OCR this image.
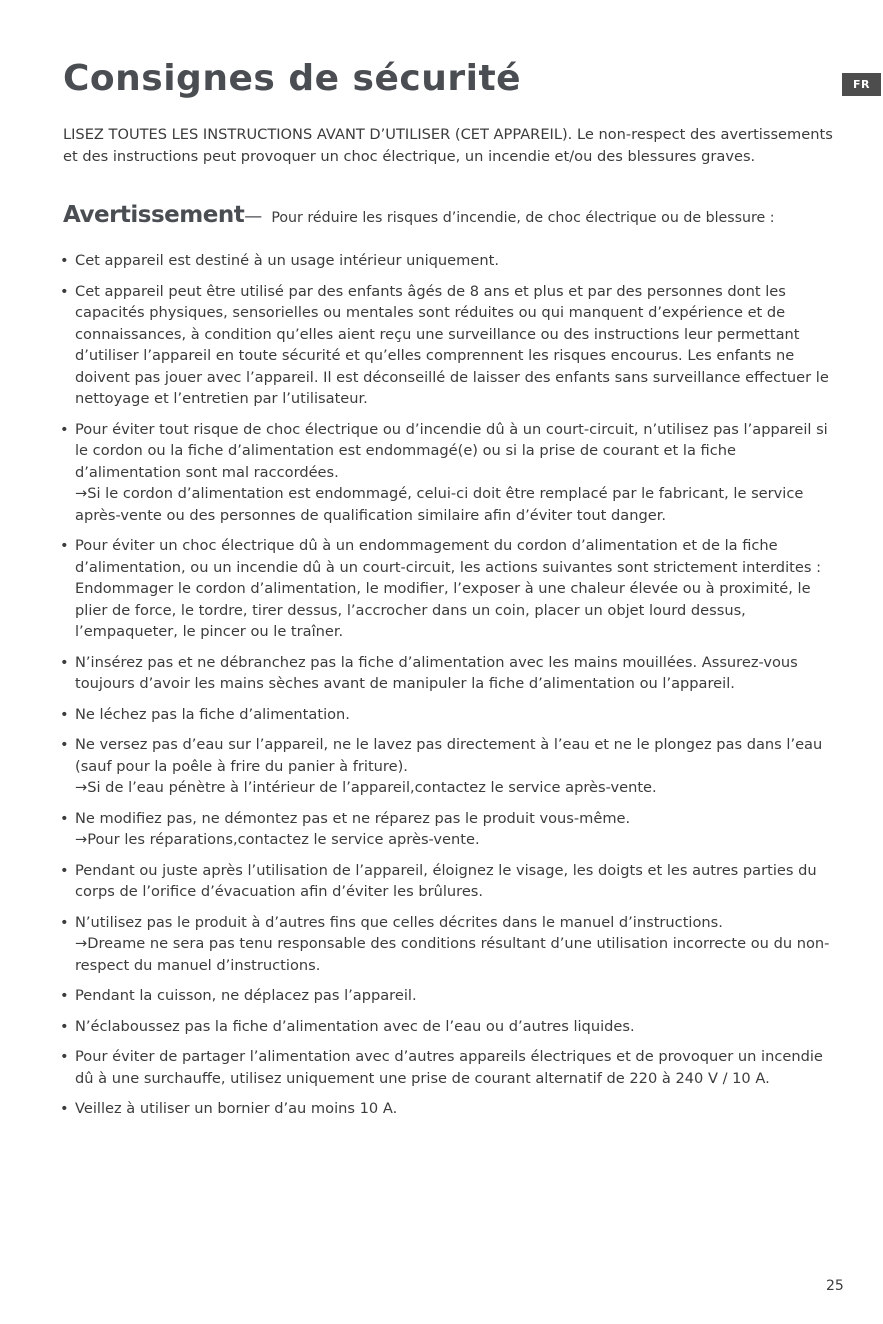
Consignes de sécurité	FR

LISEZ TOUTES LES INSTRUCTIONS AVANT D’UTILISER (CET APPAREIL). Le non-respect des avertissements et des instructions peut provoquer un choc électrique, un incendie et/ou des blessures graves.

Avertissement— Pour réduire les risques d’incendie, de choc électrique ou de blessure :
• Cet appareil est destiné à un usage intérieur uniquement.
• Cet appareil peut être utilisé par des enfants âgés de 8 ans et plus et par des personnes dont les capacités physiques, sensorielles ou mentales sont réduites ou qui manquent d’expérience et de connaissances, à condition qu’elles aient reçu une surveillance ou des instructions leur permettant d’utiliser l’appareil en toute sécurité et qu’elles comprennent les risques encourus. Les enfants ne doivent pas jouer avec l’appareil. Il est déconseillé de laisser des enfants sans surveillance effectuer le nettoyage et l’entretien par l’utilisateur.
• Pour éviter tout risque de choc électrique ou d’incendie dû à un court-circuit, n’utilisez pas l’appareil si le cordon ou la fiche d’alimentation est endommagé(e) ou si la prise de courant et la fiche d’alimentation sont mal raccordées.
→Si le cordon d’alimentation est endommagé, celui-ci doit être remplacé par le fabricant, le service après-vente ou des personnes de qualification similaire afin d’éviter tout danger.
• Pour éviter un choc électrique dû à un endommagement du cordon d’alimentation et de la fiche d’alimentation, ou un incendie dû à un court-circuit, les actions suivantes sont strictement interdites :
Endommager le cordon d’alimentation, le modifier, l’exposer à une chaleur élevée ou à proximité, le plier de force, le tordre, tirer dessus, l’accrocher dans un coin, placer un objet lourd dessus, l’empaqueter, le pincer ou le traîner.
• N’insérez pas et ne débranchez pas la fiche d’alimentation avec les mains mouillées. Assurez-vous toujours d’avoir les mains sèches avant de manipuler la fiche d’alimentation ou l’appareil.
• Ne léchez pas la fiche d’alimentation.
• Ne versez pas d’eau sur l’appareil, ne le lavez pas directement à l’eau et ne le plongez pas dans l’eau (sauf pour la poêle à frire du panier à friture).
→Si de l’eau pénètre à l’intérieur de l’appareil,contactez le service après-vente.
• Ne modifiez pas, ne démontez pas et ne réparez pas le produit vous-même.
→Pour les réparations,contactez le service après-vente.
• Pendant ou juste après l’utilisation de l’appareil, éloignez le visage, les doigts et les autres parties du corps de l’orifice d’évacuation afin d’éviter les brûlures.
• N’utilisez pas le produit à d’autres fins que celles décrites dans le manuel d’instructions.
→Dreame ne sera pas tenu responsable des conditions résultant d’une utilisation incorrecte ou du non-respect du manuel d’instructions.
• Pendant la cuisson, ne déplacez pas l’appareil.
• N’éclaboussez pas la fiche d’alimentation avec de l’eau ou d’autres liquides.
• Pour éviter de partager l’alimentation avec d’autres appareils électriques et de provoquer un incendie dû à une surchauffe, utilisez uniquement une prise de courant alternatif de 220 à 240 V / 10 A.
• Veillez à utiliser un bornier d’au moins 10 A.
25
